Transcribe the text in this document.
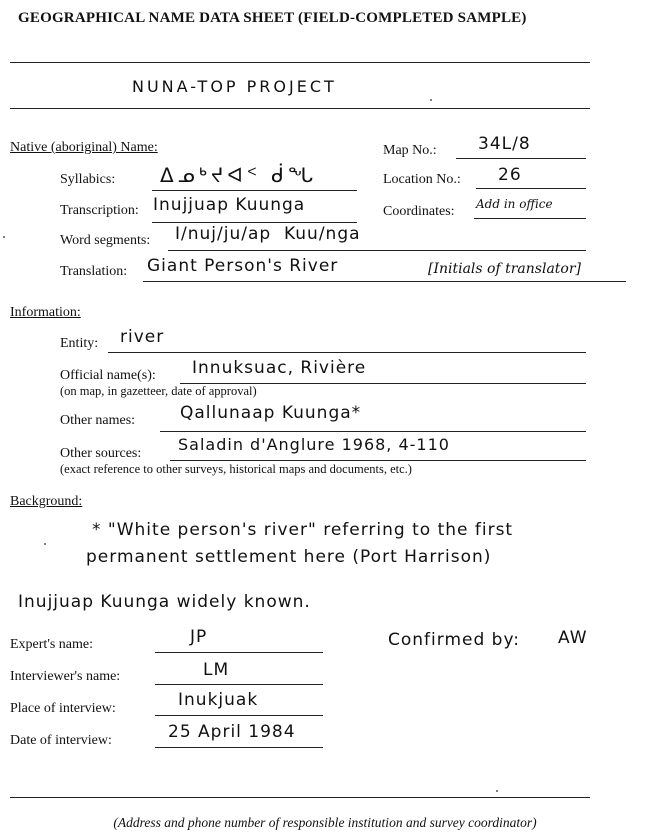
GEOGRAPHICAL NAME DATA SHEET (FIELD-COMPLETED SAMPLE)
NUNA-TOP PROJECT
Native (aboriginal) Name:	Map No.: 34L/8
Syllabics: ᐃᓄᒃᔪᐊᑉ ᑰᖓ	Location No.: 26
Transcription: Inujjuap Kuunga	Coordinates: Add in office
Word segments: I/nuj/ju/ap  Kuu/nga
Translation: Giant Person's River	[Initials of translator]
Information:
Entity: river
Official name(s): Innuksuac, Rivière
(on map, in gazetteer, date of approval)
Other names:	Qallunaap Kuunga*
Other sources: Saladin d'Anglure 1968, 4-110
(exact reference to other surveys, historical maps and documents, etc.)
Background:
* "White person's river" referring to the first
permanent settlement here (Port Harrison)
Inujjuap Kuunga widely known.
Expert's name:	JP	Confirmed by: AW
Interviewer's name:	LM
Place of interview:	Inukjuak
Date of interview:	25 April 1984
(Address and phone number of responsible institution and survey coordinator)
